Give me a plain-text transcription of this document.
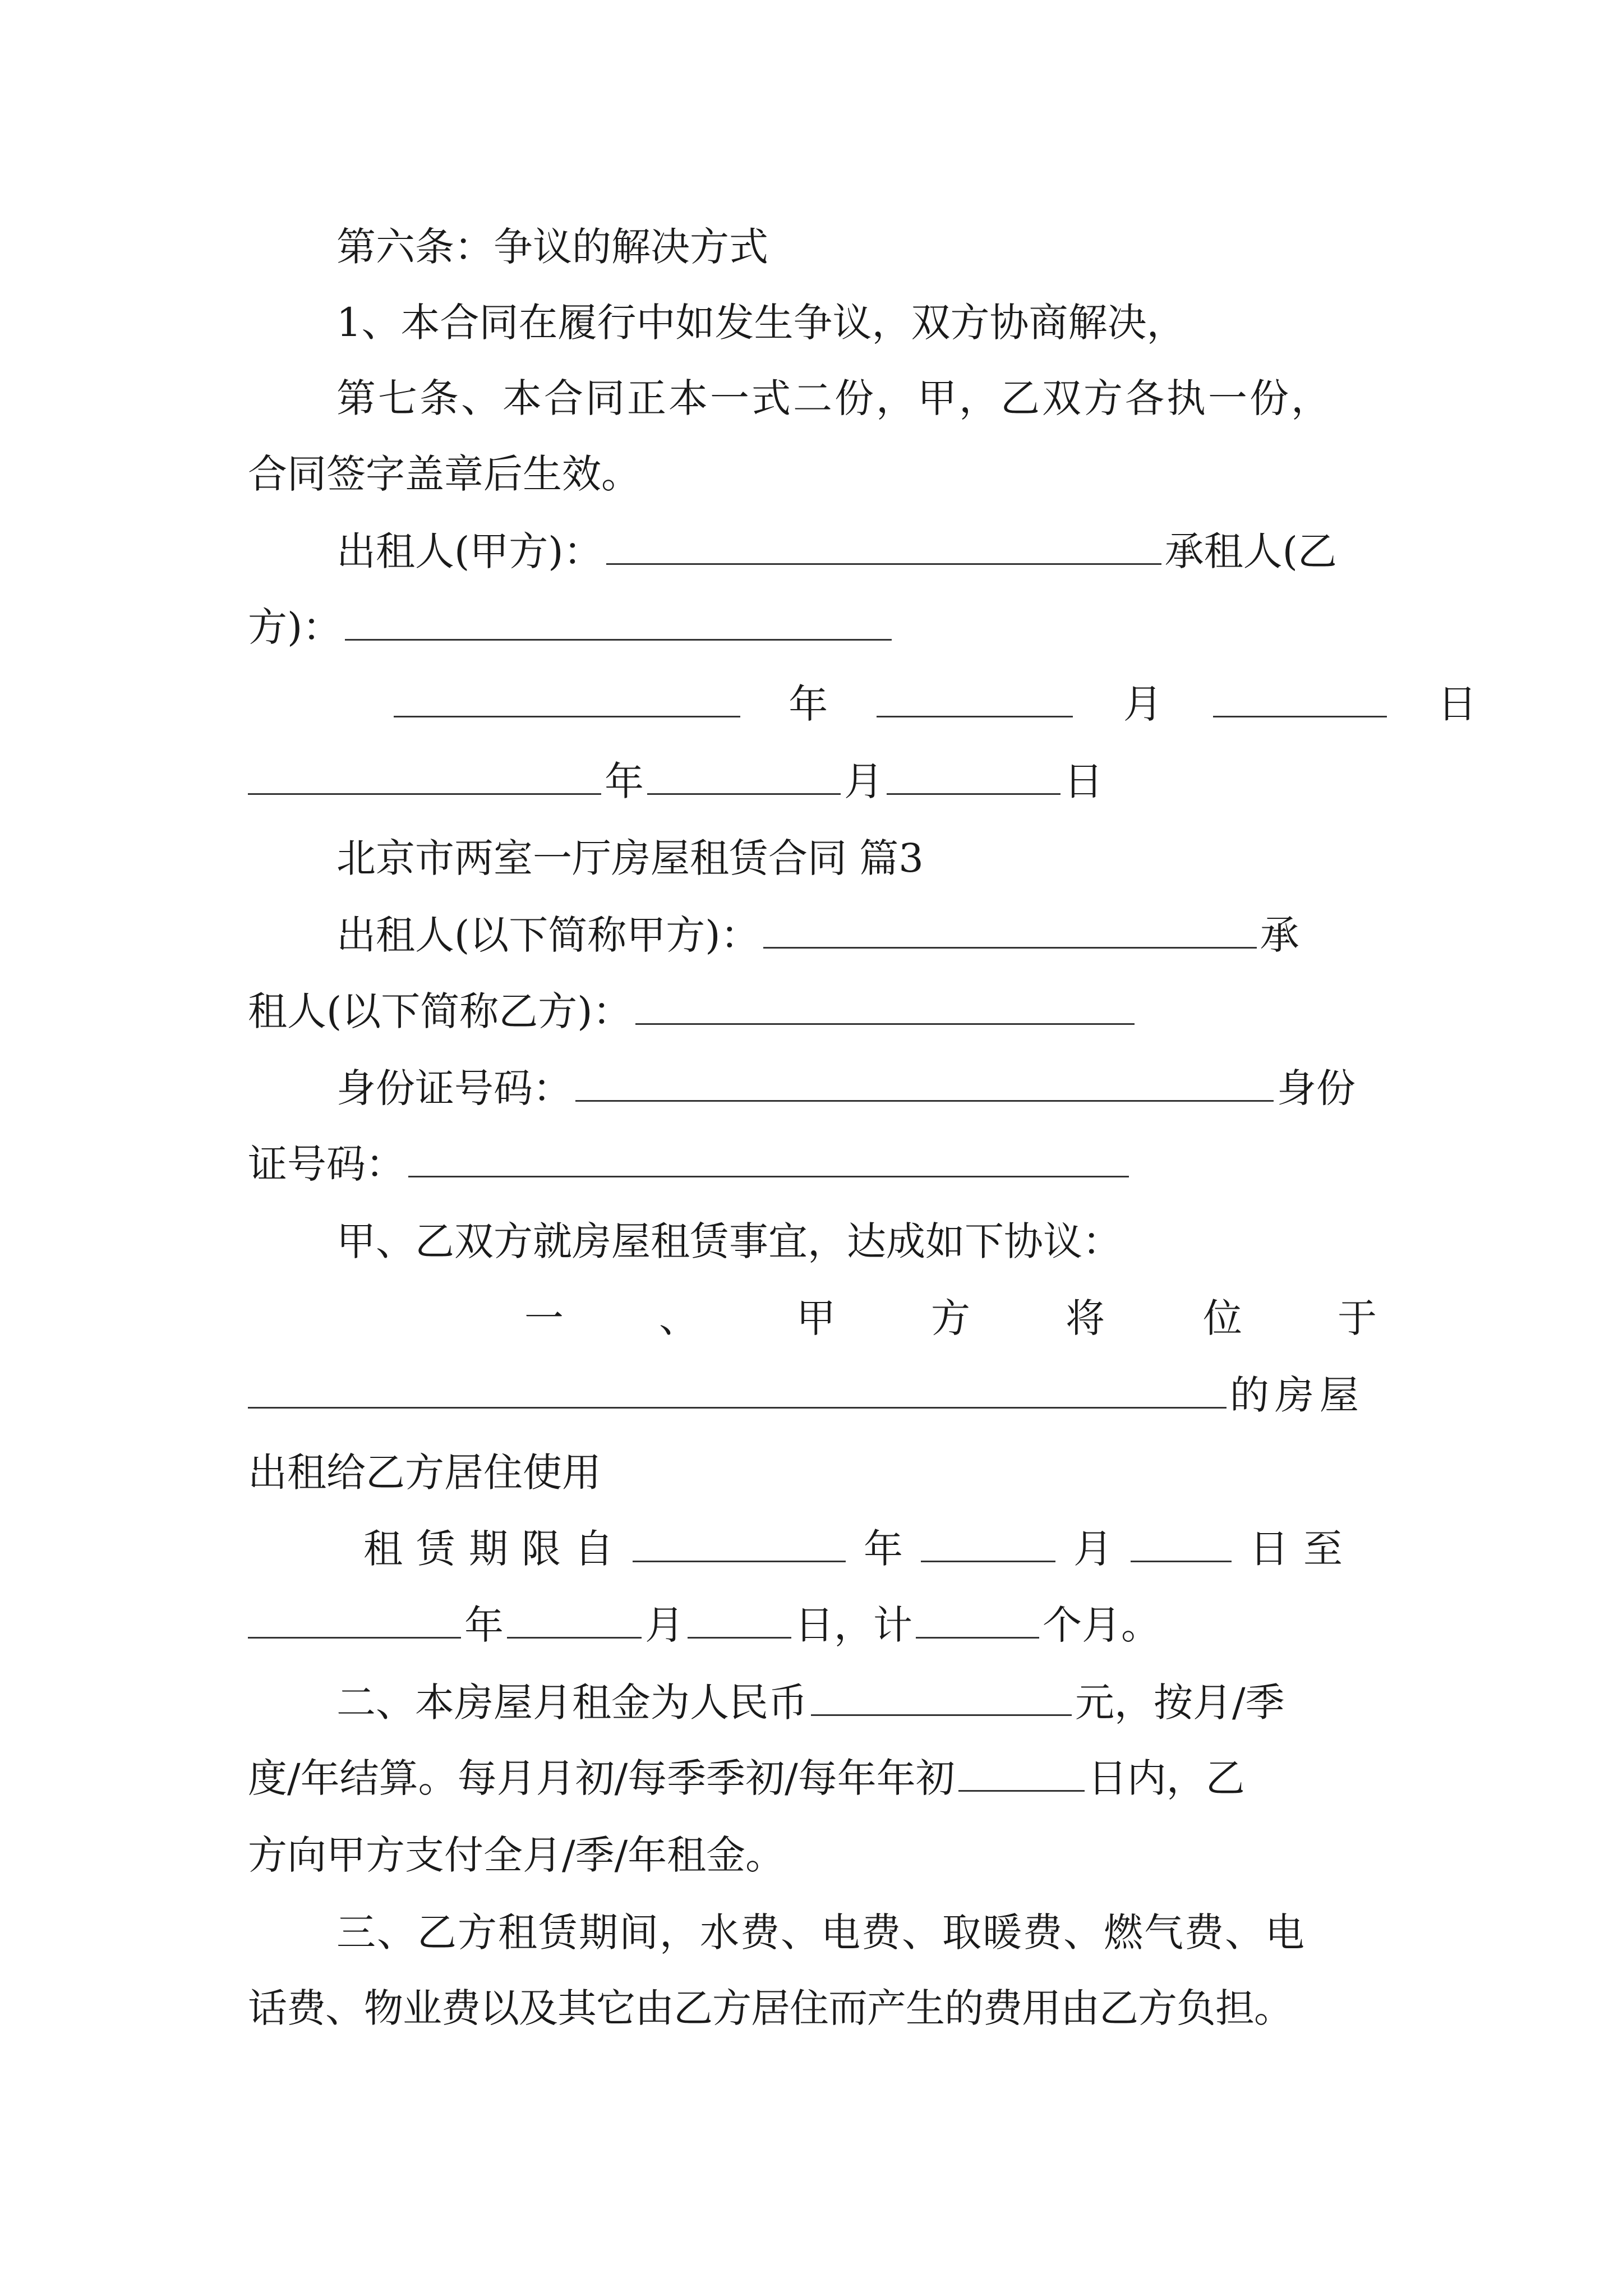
第六条：争议的解决方式
1、本合同在履行中如发生争议，双方协商解决，
第七条、本合同正本一式二份，甲，乙双方各执一份，
合同签字盖章后生效。
出租人(甲方)：	承租人(乙
方)：
年	月	日
年	月	日
北京市两室一厅房屋租赁合同 篇3
出租人(以下简称甲方)：	承
租人(以下简称乙方)：
身份证号码：	身份
证号码：
甲、乙双方就房屋租赁事宜，达成如下协议：
一 、	甲 方 将	位 于
的房屋
出租给乙方居住使用
租赁期限自	年	月	日至
年	月	日，计	个月。
二、本房屋月租金为人民币	元，按月/季
度/年结算。每月月初/每季季初/每年年初	日内，乙
方向甲方支付全月/季/年租金。
三、乙方租赁期间，水费、电费、取暖费、燃气费、电
话费、物业费以及其它由乙方居住而产生的费用由乙方负担。
